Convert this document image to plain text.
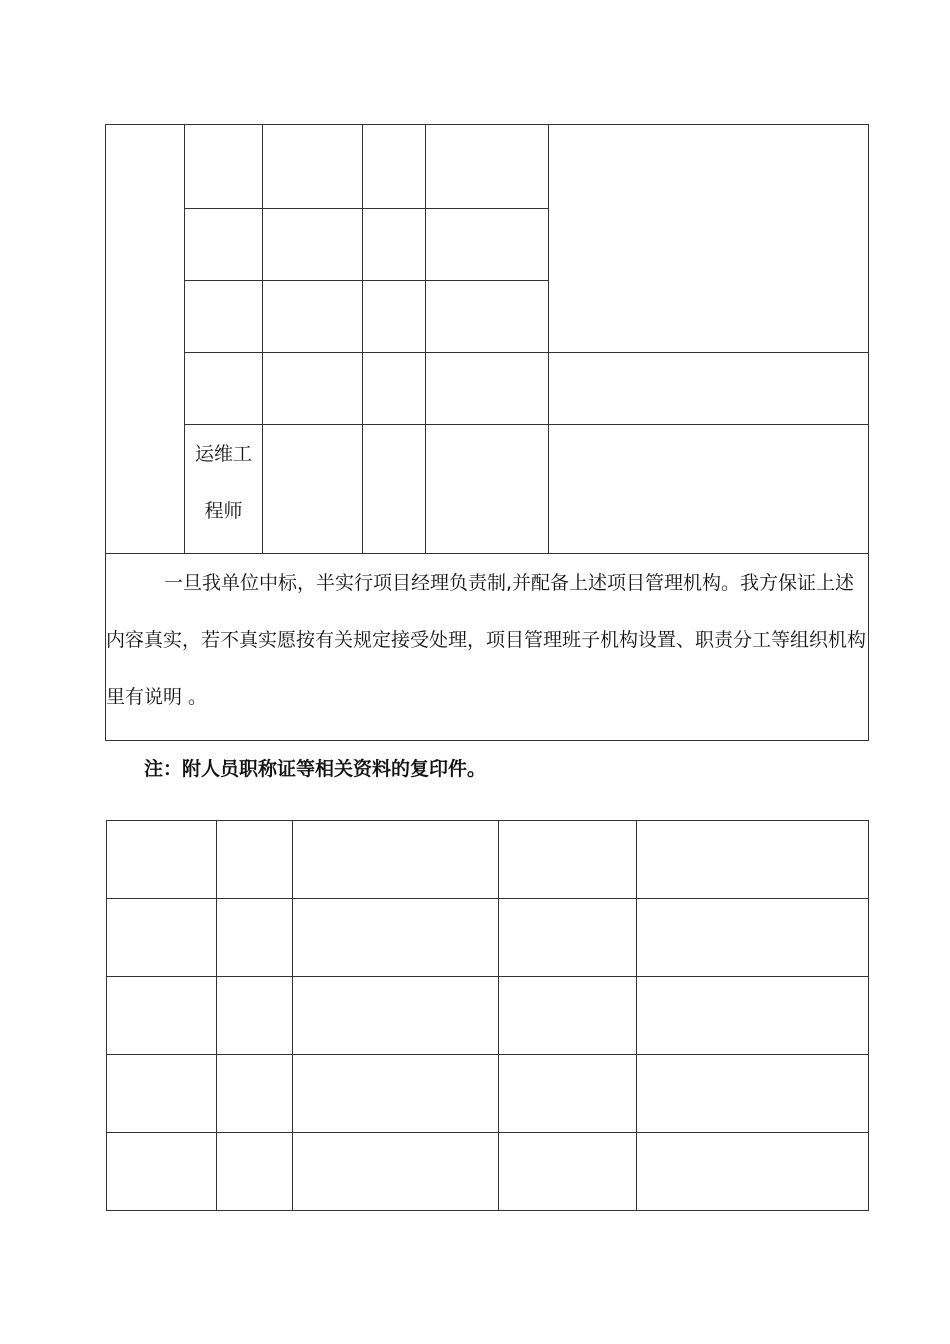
运维工
程师

一旦我单位中标，半实行项目经理负责制,并配备上述项目管理机构。我方保证上述内容真实，若不真实愿按有关规定接受处理，项目管理班子机构设置、职责分工等组织机构里有说明 。

注：附人员职称证等相关资料的复印件。
